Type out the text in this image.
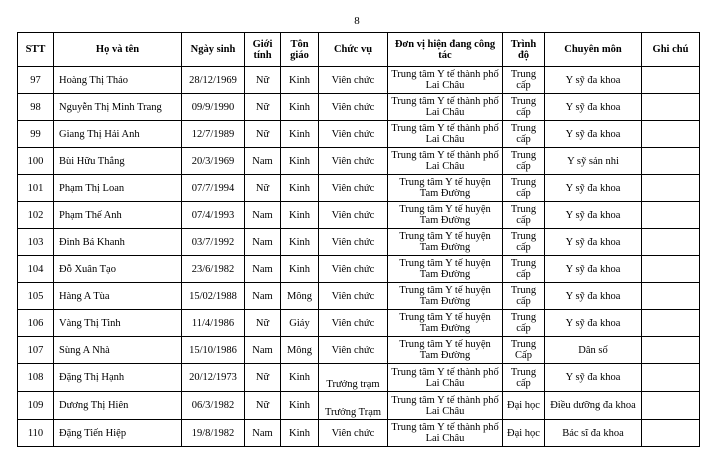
8
STT	Họ và tên	Ngày sinh	Giới tính	Tôn giáo	Chức vụ	Đơn vị hiện đang công tác	Trình độ	Chuyên môn	Ghi chú
97	Hoàng Thị Thảo	28/12/1969	Nữ	Kinh	Viên chức	Trung tâm Y tế thành phố Lai Châu	Trung cấp	Y sỹ đa khoa	
98	Nguyễn Thị Minh Trang	09/9/1990	Nữ	Kinh	Viên chức	Trung tâm Y tế thành phố Lai Châu	Trung cấp	Y sỹ đa khoa	
99	Giang Thị Hải Anh	12/7/1989	Nữ	Kinh	Viên chức	Trung tâm Y tế thành phố Lai Châu	Trung cấp	Y sỹ đa khoa	
100	Bùi Hữu Thắng	20/3/1969	Nam	Kinh	Viên chức	Trung tâm Y tế thành phố Lai Châu	Trung cấp	Y sỹ sản nhi	
101	Phạm Thị Loan	07/7/1994	Nữ	Kinh	Viên chức	Trung tâm Y tế huyện Tam Đường	Trung cấp	Y sỹ đa khoa	
102	Phạm Thế Anh	07/4/1993	Nam	Kinh	Viên chức	Trung tâm Y tế huyện Tam Đường	Trung cấp	Y sỹ đa khoa	
103	Đinh Bá Khanh	03/7/1992	Nam	Kinh	Viên chức	Trung tâm Y tế huyện Tam Đường	Trung cấp	Y sỹ đa khoa	
104	Đỗ Xuân Tạo	23/6/1982	Nam	Kinh	Viên chức	Trung tâm Y tế huyện Tam Đường	Trung cấp	Y sỹ đa khoa	
105	Hàng A Tùa	15/02/1988	Nam	Mông	Viên chức	Trung tâm Y tế huyện Tam Đường	Trung cấp	Y sỹ đa khoa	
106	Vàng Thị Tinh	11/4/1986	Nữ	Giáy	Viên chức	Trung tâm Y tế huyện Tam Đường	Trung cấp	Y sỹ đa khoa	
107	Sùng A Nhà	15/10/1986	Nam	Mông	Viên chức	Trung tâm Y tế huyện Tam Đường	Trung Cấp	Dân số	
108	Đặng Thị Hạnh	20/12/1973	Nữ	Kinh	Trưởng trạm	Trung tâm Y tế thành phố Lai Châu	Trung cấp	Y sỹ đa khoa	
109	Dương Thị Hiên	06/3/1982	Nữ	Kinh	Trưởng Trạm	Trung tâm Y tế thành phố Lai Châu	Đại học	Điều dưỡng đa khoa	
110	Đặng Tiến Hiệp	19/8/1982	Nam	Kinh	Viên chức	Trung tâm Y tế thành phố Lai Châu	Đại học	Bác sĩ đa khoa	
